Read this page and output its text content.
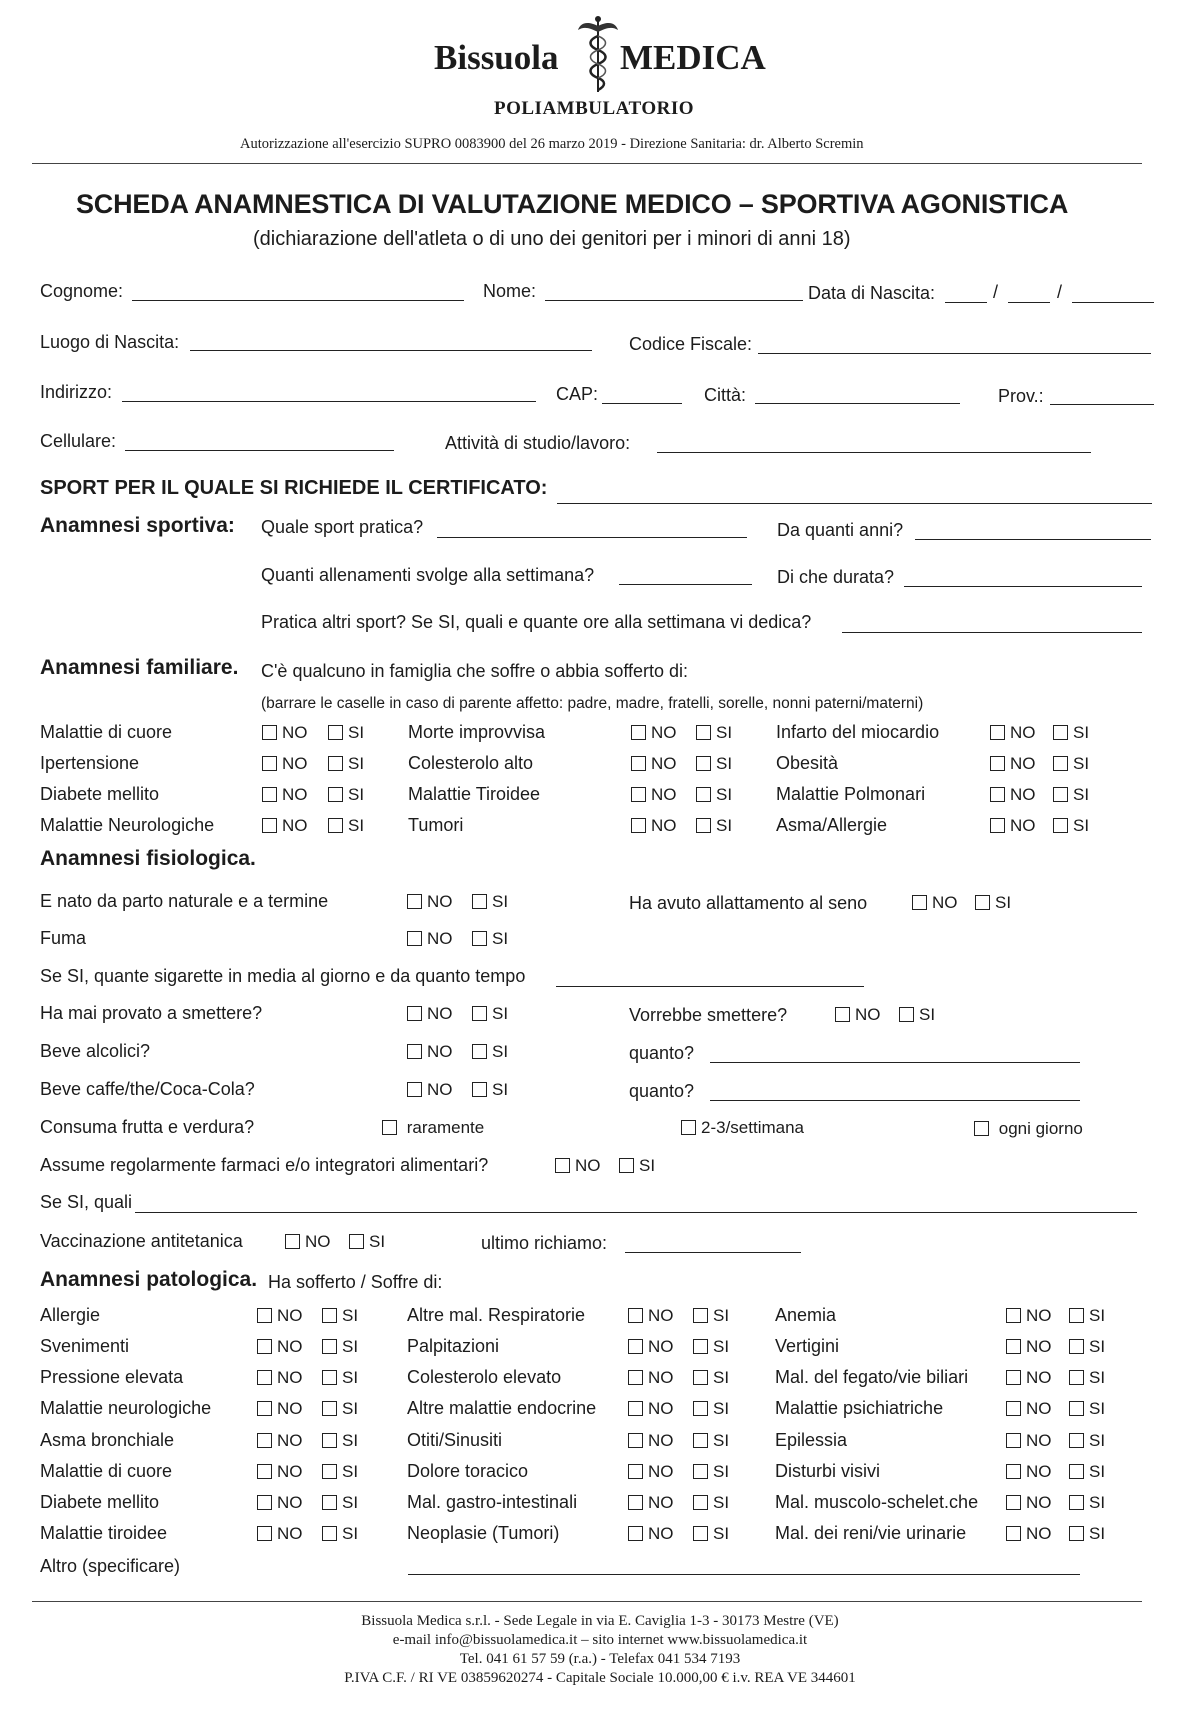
Bissuola MEDICA
POLIAMBULATORIO
Autorizzazione all'esercizio SUPRO 0083900 del 26 marzo 2019 - Direzione Sanitaria: dr. Alberto Scremin
SCHEDA ANAMNESTICA DI VALUTAZIONE MEDICO – SPORTIVA AGONISTICA
(dichiarazione dell'atleta o di uno dei genitori per i minori di anni 18)
Cognome:	Nome:	Data di Nascita:	/	/
Luogo di Nascita:	Codice Fiscale:
Indirizzo:	CAP:	Città:	Prov.:
Cellulare:	Attività di studio/lavoro:
SPORT PER IL QUALE SI RICHIEDE IL CERTIFICATO:
Anamnesi sportiva: Quale sport pratica?	Da quanti anni?
Quanti allenamenti svolge alla settimana?	Di che durata?
Pratica altri sport? Se SI, quali e quante ore alla settimana vi dedica?
Anamnesi familiare. C'è qualcuno in famiglia che soffre o abbia sofferto di:
(barrare le caselle in caso di parente affetto: padre, madre, fratelli, sorelle, nonni paterni/materni)
Malattie di cuore	NO	SI Morte improvvisa	NO	SI Infarto del miocardio	NO	SI
Ipertensione	NO	SI Colesterolo alto	NO	SI Obesità	NO	SI
Diabete mellito	NO	SI Malattie Tiroidee	NO	SI Malattie Polmonari	NO	SI
Malattie Neurologiche	NO	SI Tumori	NO	SI Asma/Allergie	NO	SI
Anamnesi fisiologica.
E nato da parto naturale e a termine	NO	SI	Ha avuto allattamento al seno	NO	SI
Fuma	NO	SI
Se SI, quante sigarette in media al giorno e da quanto tempo
Ha mai provato a smettere?	NO	SI	Vorrebbe smettere?	NO	SI
Beve alcolici?	NO	SI	quanto?
Beve caffe/the/Coca-Cola?	NO	SI	quanto?
Consuma frutta e verdura?	raramente	2-3/settimana	ogni giorno
Assume regolarmente farmaci e/o integratori alimentari?	NO	SI
Se SI, quali
Vaccinazione antitetanica	NO	SI	ultimo richiamo:
Anamnesi patologica. Ha sofferto / Soffre di:
Allergie	NO	SI	Altre mal. Respiratorie	NO	SI	Anemia	NO	SI
Svenimenti	NO	SI	Palpitazioni	NO	SI	Vertigini	NO	SI
Pressione elevata	NO	SI	Colesterolo elevato	NO	SI	Mal. del fegato/vie biliari	NO	SI
Malattie neurologiche	NO	SI	Altre malattie endocrine	NO	SI	Malattie psichiatriche	NO	SI
Asma bronchiale	NO	SI	Otiti/Sinusiti	NO	SI	Epilessia	NO	SI
Malattie di cuore	NO	SI	Dolore toracico	NO	SI	Disturbi visivi	NO	SI
Diabete mellito	NO	SI	Mal. gastro-intestinali	NO	SI	Mal. muscolo-schelet.che	NO	SI
Malattie tiroidee	NO	SI	Neoplasie (Tumori)	NO	SI	Mal. dei reni/vie urinarie	NO	SI
Altro (specificare)
Bissuola Medica s.r.l. - Sede Legale in via E. Caviglia 1-3 - 30173 Mestre (VE)
e-mail info@bissuolamedica.it – sito internet www.bissuolamedica.it
Tel. 041 61 57 59 (r.a.) - Telefax 041 534 7193
P.IVA C.F. / RI VE 03859620274 - Capitale Sociale 10.000,00 € i.v. REA VE 344601
